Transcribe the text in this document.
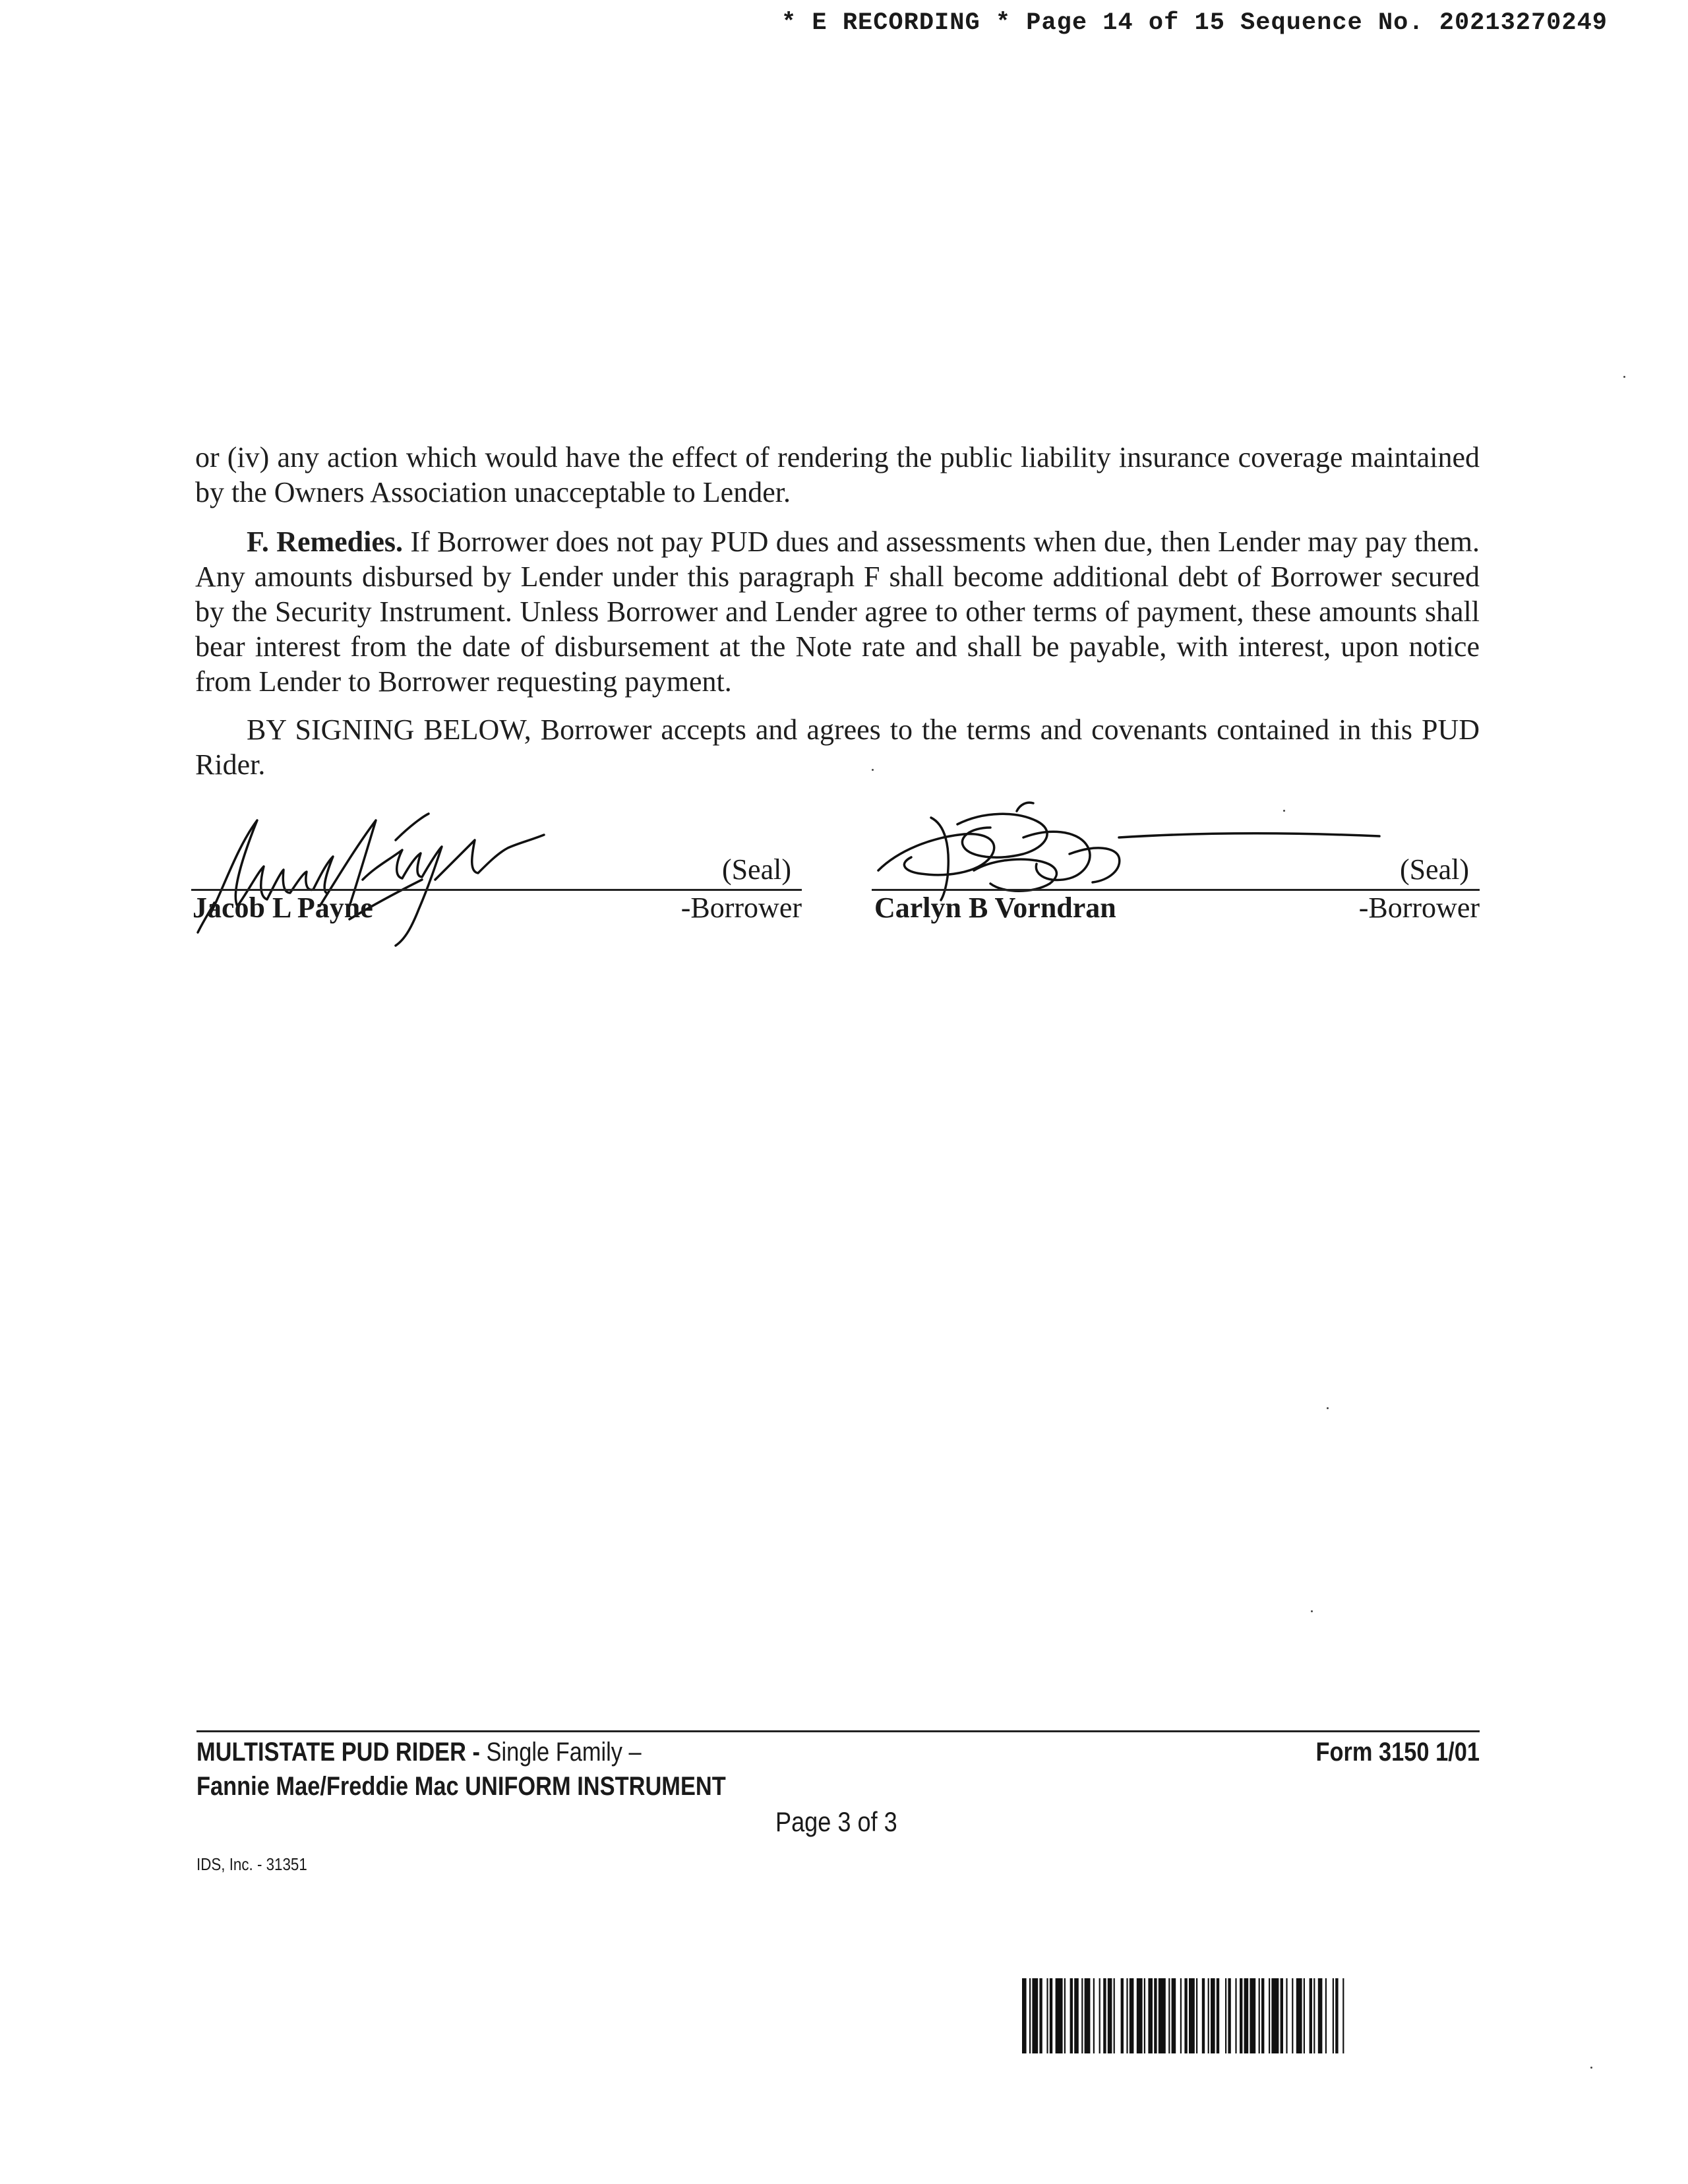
* E RECORDING * Page 14 of 15 Sequence No. 20213270249

or (iv) any action which would have the effect of rendering the public liability insurance coverage maintained by the Owners Association unacceptable to Lender.

F. Remedies. If Borrower does not pay PUD dues and assessments when due, then Lender may pay them. Any amounts disbursed by Lender under this paragraph F shall become additional debt of Borrower secured by the Security Instrument. Unless Borrower and Lender agree to other terms of payment, these amounts shall bear interest from the date of disbursement at the Note rate and shall be payable, with interest, upon notice from Lender to Borrower requesting payment.

BY SIGNING BELOW, Borrower accepts and agrees to the terms and covenants contained in this PUD Rider.

(Seal)
Jacob L Payne	-Borrower
(Seal)
Carlyn B Vorndran	-Borrower
MULTISTATE PUD RIDER - Single Family –
Fannie Mae/Freddie Mac UNIFORM INSTRUMENT
Form 3150 1/01
Page 3 of 3
IDS, Inc. - 31351
